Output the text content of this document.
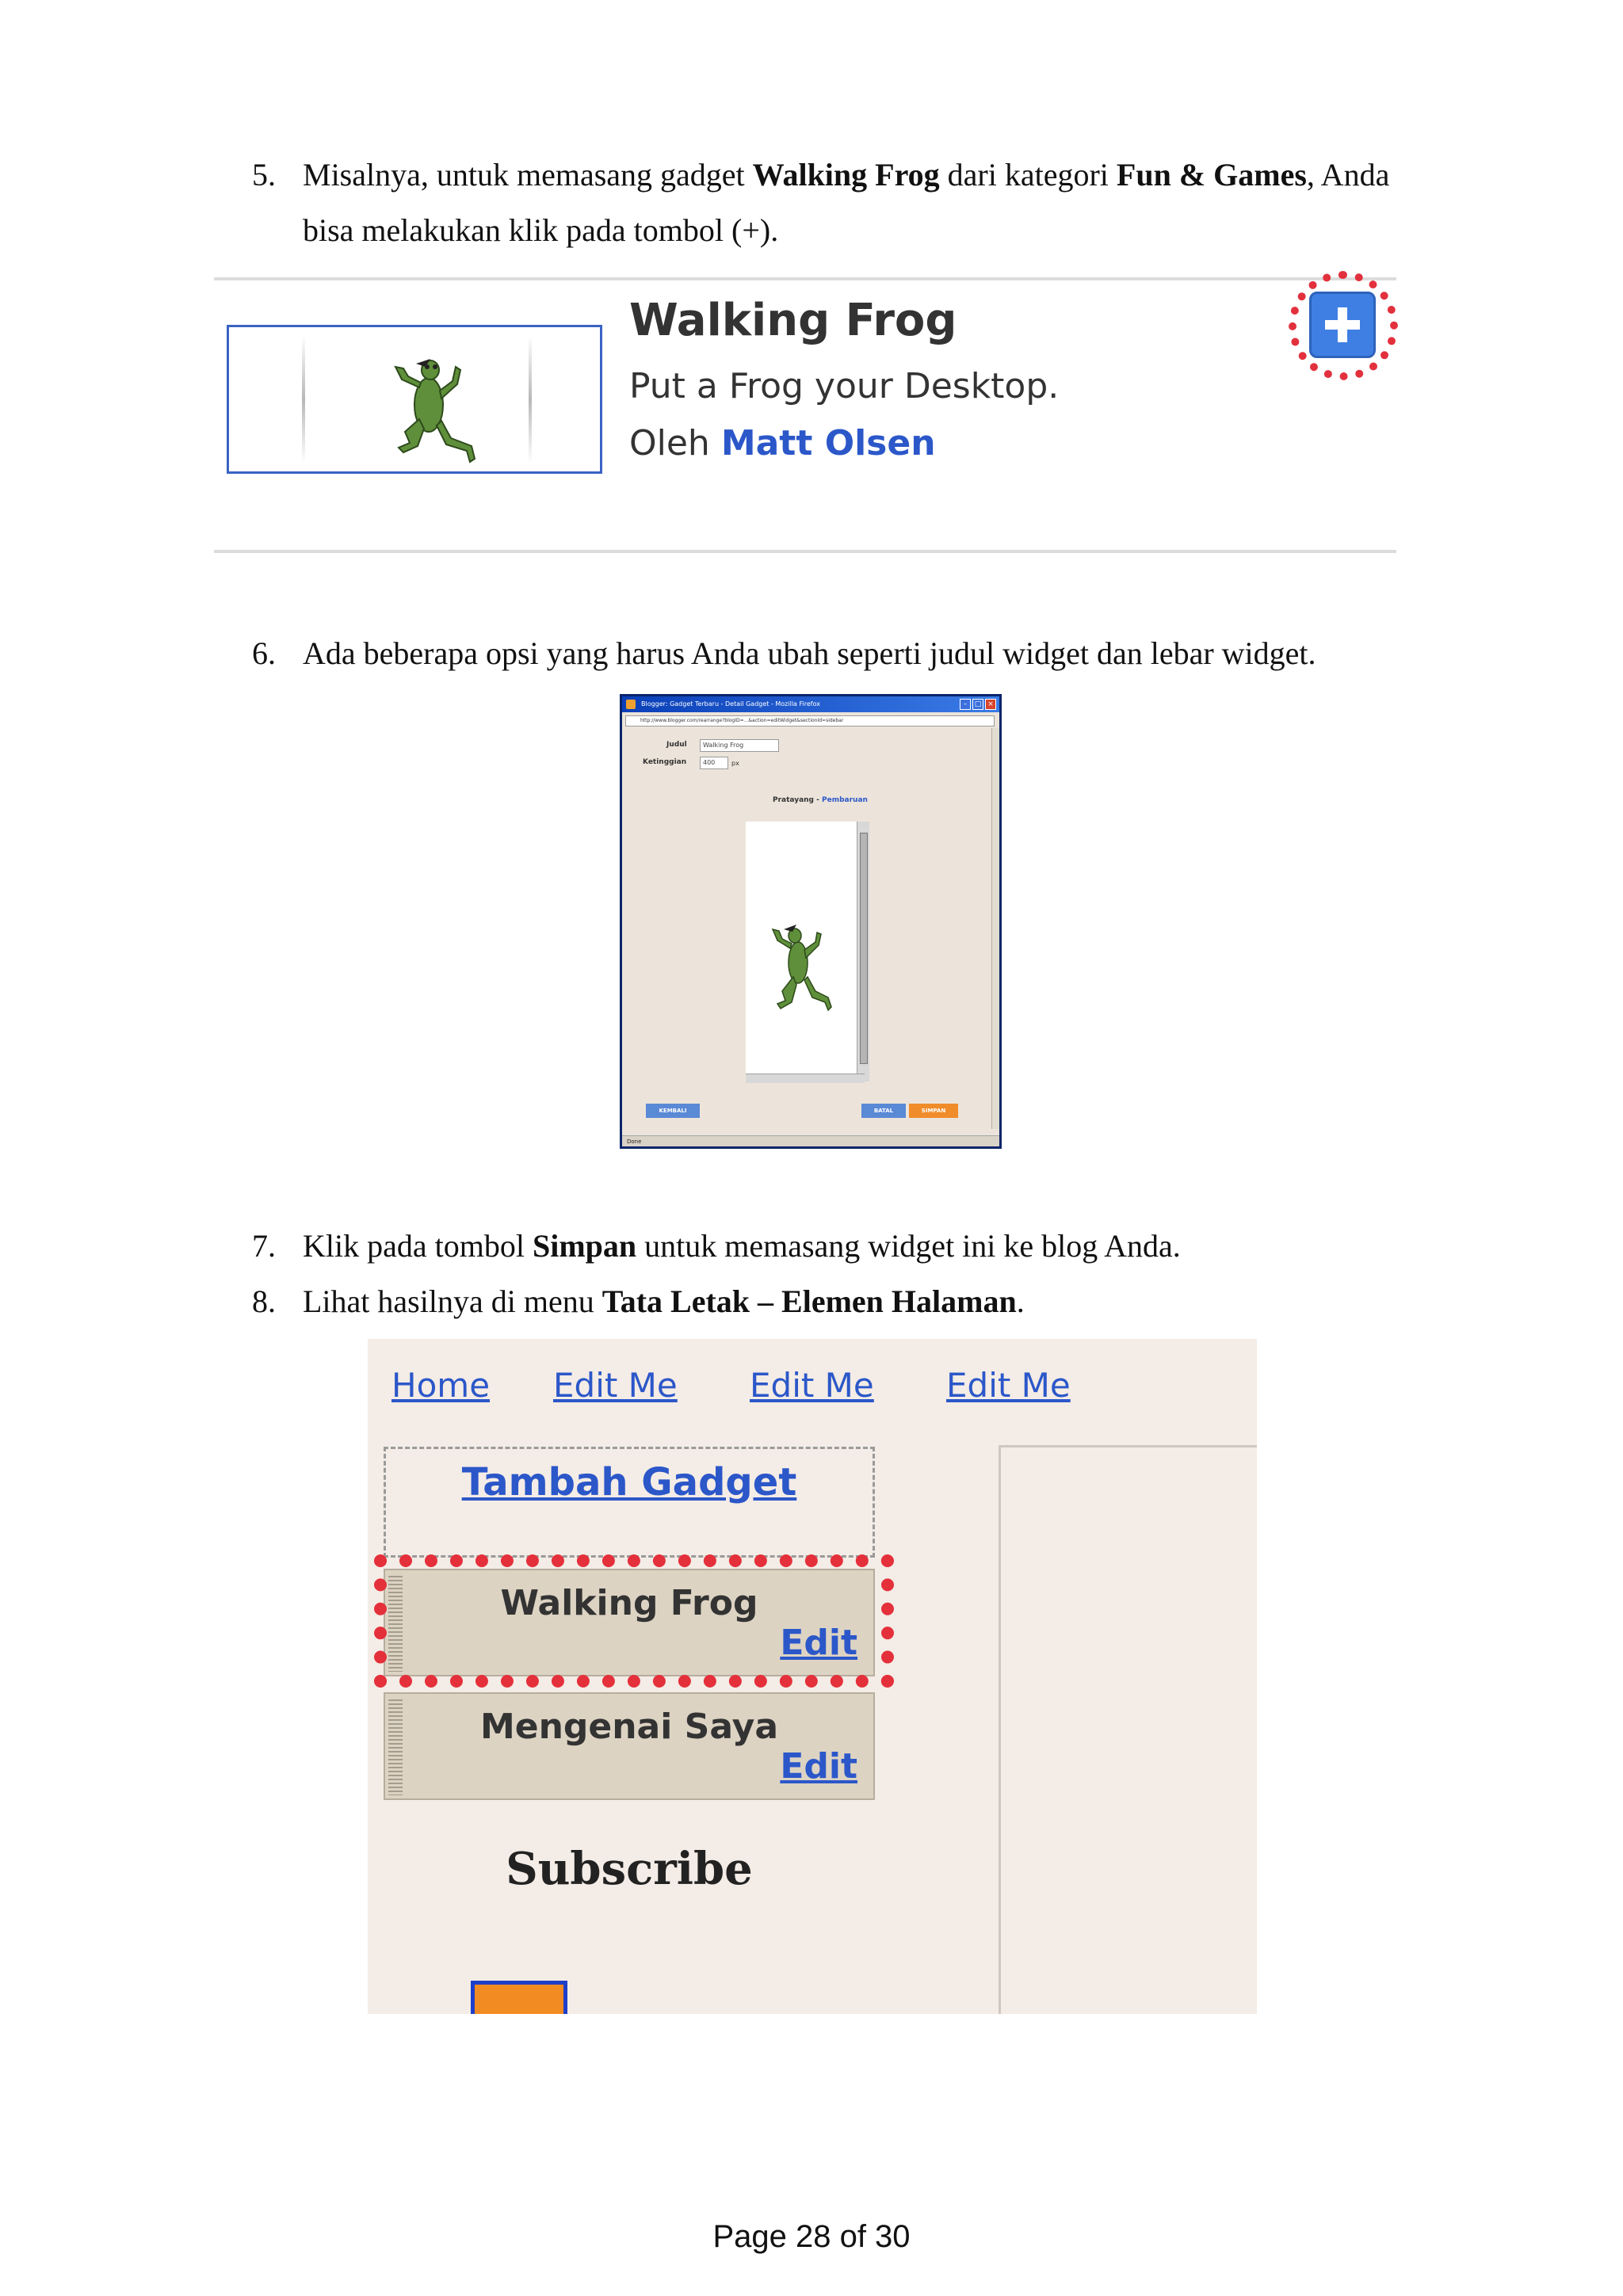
5. Misalnya, untuk memasang gadget Walking Frog dari kategori Fun & Games, Anda
bisa melakukan klik pada tombol (+).
Walking Frog
Put a Frog your Desktop.
Oleh Matt Olsen
6. Ada beberapa opsi yang harus Anda ubah seperti judul widget dan lebar widget.
Blogger: Gadget Terbaru - Detail Gadget - Mozilla Firefox	–	□ ×
http://www.blogger.com/rearrange?blogID=...&action=editWidget&sectionId=sidebar
Judul	Walking Frog
Ketinggian	400	px
Pratayang - Pembaruan
KEMBALI	BATAL	SIMPAN
Done
7. Klik pada tombol Simpan untuk memasang widget ini ke blog Anda.
8. Lihat hasilnya di menu Tata Letak – Elemen Halaman.
Home Edit Me Edit Me Edit Me
Tambah Gadget
Walking Frog
Edit
Mengenai Saya
Edit
Subscribe
Page 28 of 30
